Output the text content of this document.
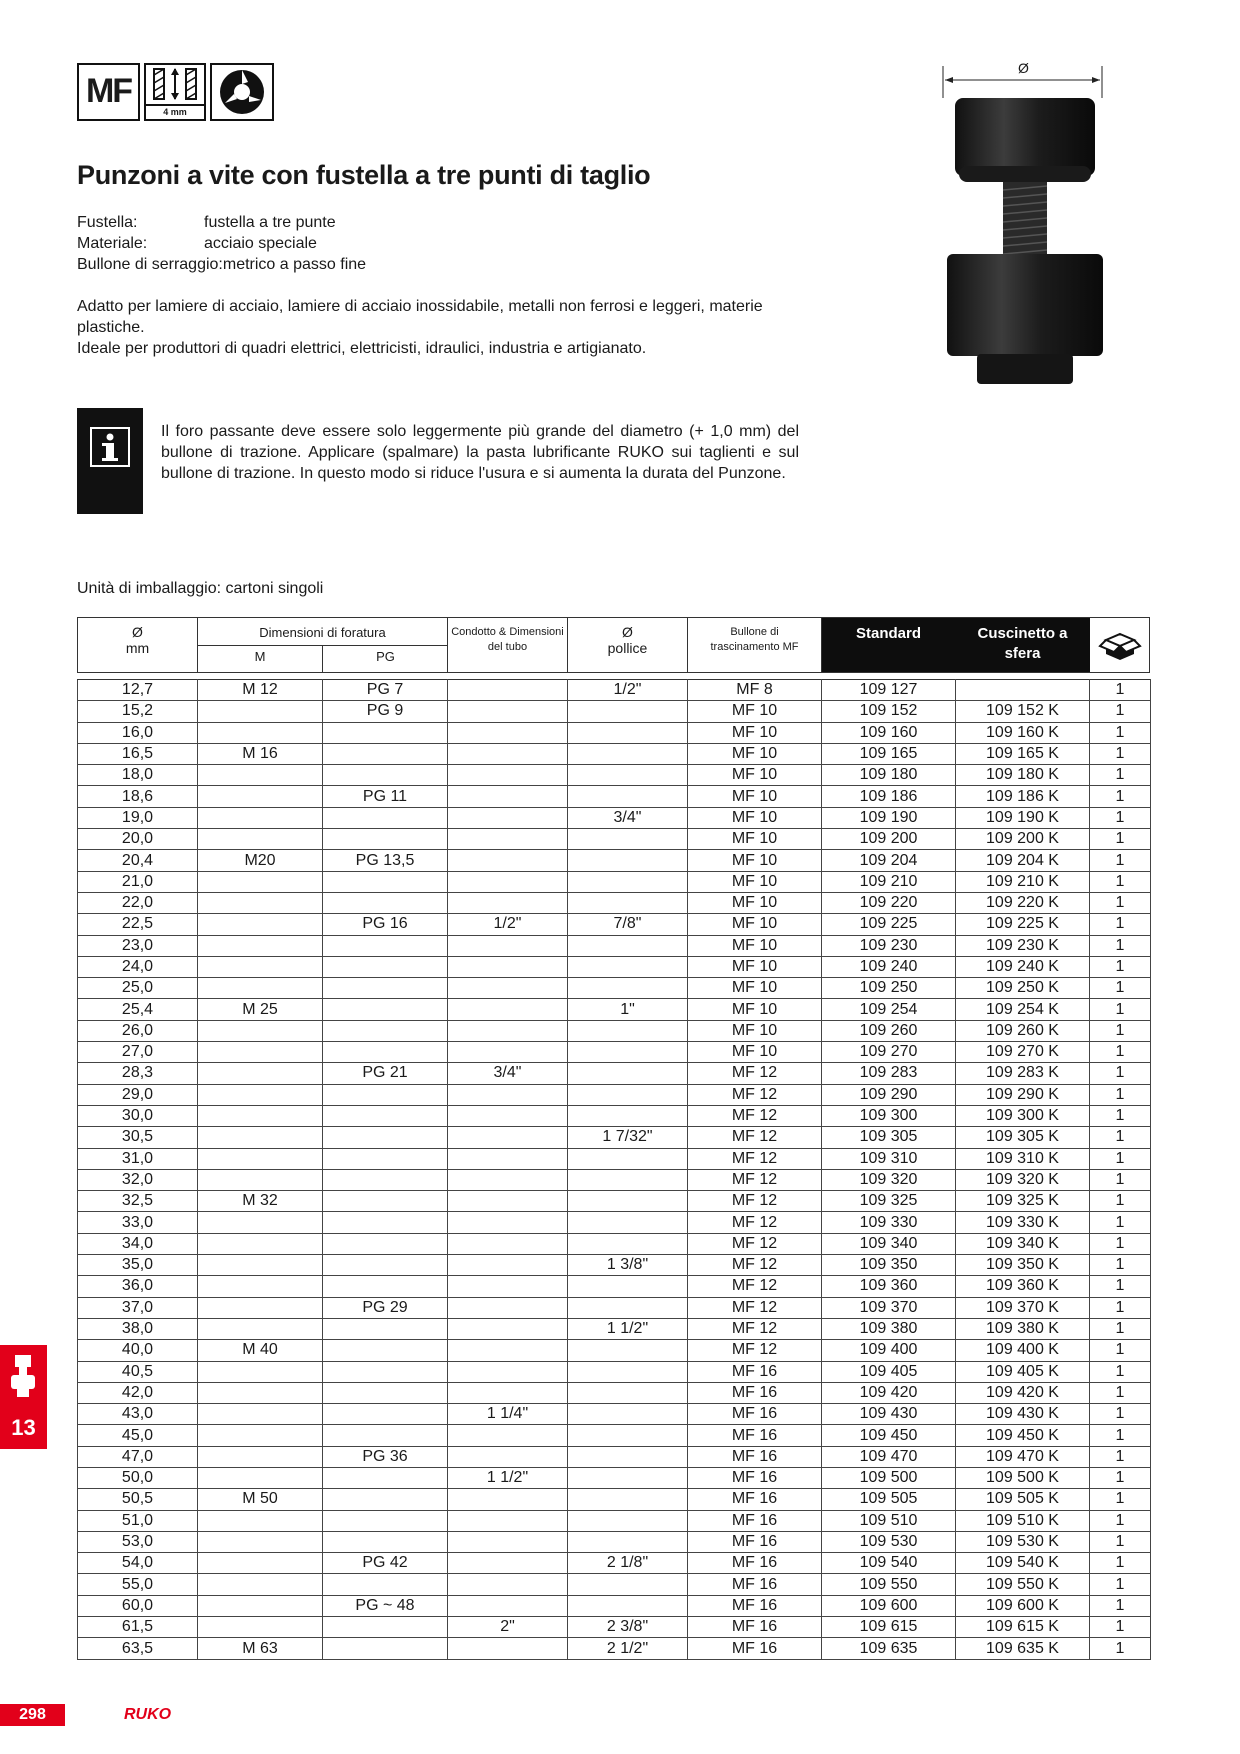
MF
4 mm
Ø
Punzoni a vite con fustella a tre punti di taglio
Fustella:	fustella a tre punte
Materiale:	acciaio speciale
Bullone di serraggio:metrico a passo fine
Adatto per lamiere di acciaio, lamiere di acciaio inossidabile, metalli non ferrosi e leggeri, materie plastiche.
Ideale per produttori di quadri elettrici, elettricisti, idraulici, industria e artigianato.
Il foro passante deve essere solo leggermente più grande del diametro (+ 1,0 mm) del bullone di trazione. Applicare (spalmare) la pasta lubrificante RUKO sui taglienti e sul bullone di trazione. In questo modo si riduce l'usura e si aumenta la durata del Punzone.
Unità di imballaggio: cartoni singoli
Ø
mm
Dimensioni di foratura
M	PG
Condotto & Dimensioni del tubo
Ø
pollice
Bullone di trascinamento MF
Standard	Cuscinetto a sfera
12,7	M 12	PG 7		1/2"	MF 8	109 127		1
15,2		PG 9			MF 10	109 152	109 152 K	1
16,0					MF 10	109 160	109 160 K	1
16,5	M 16				MF 10	109 165	109 165 K	1
18,0					MF 10	109 180	109 180 K	1
18,6		PG 11			MF 10	109 186	109 186 K	1
19,0				3/4"	MF 10	109 190	109 190 K	1
20,0					MF 10	109 200	109 200 K	1
20,4	M20	PG 13,5			MF 10	109 204	109 204 K	1
21,0					MF 10	109 210	109 210 K	1
22,0					MF 10	109 220	109 220 K	1
22,5		PG 16	1/2"	7/8"	MF 10	109 225	109 225 K	1
23,0					MF 10	109 230	109 230 K	1
24,0					MF 10	109 240	109 240 K	1
25,0					MF 10	109 250	109 250 K	1
25,4	M 25			1"	MF 10	109 254	109 254 K	1
26,0					MF 10	109 260	109 260 K	1
27,0					MF 10	109 270	109 270 K	1
28,3		PG 21	3/4"		MF 12	109 283	109 283 K	1
29,0					MF 12	109 290	109 290 K	1
30,0					MF 12	109 300	109 300 K	1
30,5				1 7/32"	MF 12	109 305	109 305 K	1
31,0					MF 12	109 310	109 310 K	1
32,0					MF 12	109 320	109 320 K	1
32,5	M 32				MF 12	109 325	109 325 K	1
33,0					MF 12	109 330	109 330 K	1
34,0					MF 12	109 340	109 340 K	1
35,0				1 3/8"	MF 12	109 350	109 350 K	1
36,0					MF 12	109 360	109 360 K	1
37,0		PG 29			MF 12	109 370	109 370 K	1
38,0				1 1/2"	MF 12	109 380	109 380 K	1
40,0	M 40				MF 12	109 400	109 400 K	1
40,5					MF 16	109 405	109 405 K	1
42,0					MF 16	109 420	109 420 K	1
43,0			1 1/4"		MF 16	109 430	109 430 K	1
45,0					MF 16	109 450	109 450 K	1
47,0		PG 36			MF 16	109 470	109 470 K	1
50,0			1 1/2"		MF 16	109 500	109 500 K	1
50,5	M 50				MF 16	109 505	109 505 K	1
51,0					MF 16	109 510	109 510 K	1
53,0					MF 16	109 530	109 530 K	1
54,0		PG 42		2 1/8"	MF 16	109 540	109 540 K	1
55,0					MF 16	109 550	109 550 K	1
60,0		PG ~ 48			MF 16	109 600	109 600 K	1
61,5			2"	2 3/8"	MF 16	109 615	109 615 K	1
63,5	M 63			2 1/2"	MF 16	109 635	109 635 K	1
13
298	RUKO
